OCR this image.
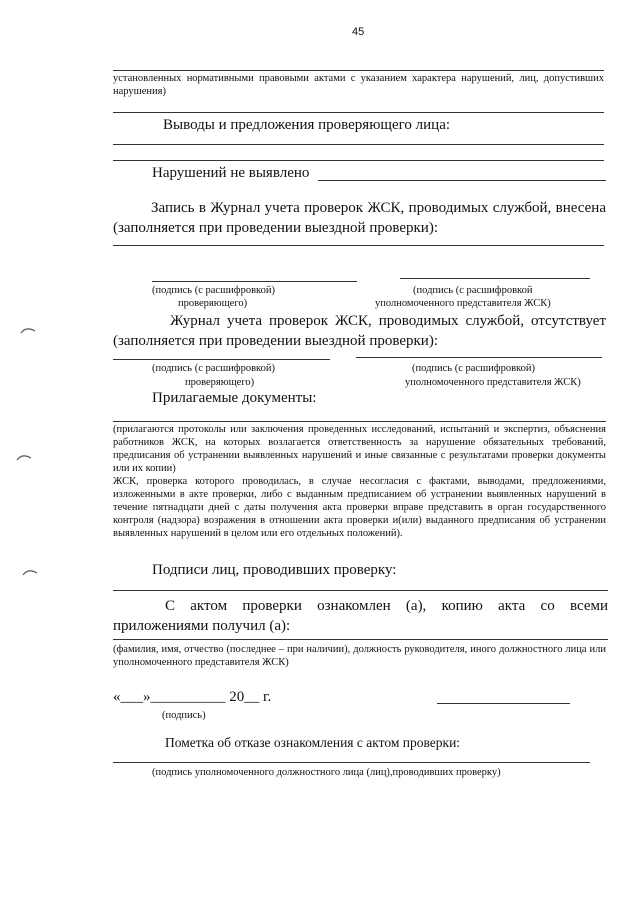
45
установленных нормативными правовыми актами с указанием характера нарушений, лиц, допустивших нарушения)
Выводы и предложения проверяющего лица:
Нарушений не выявлено
Запись в Журнал учета проверок ЖСК, проводимых службой, внесена (заполняется при проведении выездной проверки):
(подпись (с расшифровкой)
проверяющего)
(подпись (с расшифровкой
уполномоченного представителя ЖСК)
Журнал учета проверок ЖСК, проводимых службой, отсутствует (заполняется при проведении выездной проверки):
(подпись (с расшифровкой)
проверяющего)
(подпись (с расшифровкой)
уполномоченного представителя ЖСК)
Прилагаемые документы:
(прилагаются протоколы или заключения проведенных исследований, испытаний и экспертиз, объяснения работников ЖСК, на которых возлагается ответственность за нарушение обязательных требований, предписания об устранении выявленных нарушений и иные связанные с результатами проверки документы или их копии)
ЖСК, проверка которого проводилась, в случае несогласия с фактами, выводами, предложениями, изложенными в акте проверки, либо с выданным предписанием об устранении выявленных нарушений в течение пятнадцати дней с даты получения акта проверки вправе представить в орган государственного контроля (надзора) возражения в отношении акта проверки и(или) выданного предписания об устранении выявленных нарушений в целом или его отдельных положений).
Подписи лиц, проводивших проверку:
С актом проверки ознакомлен (а), копию акта со всеми приложениями получил (а):
(фамилия, имя, отчество (последнее – при наличии), должность руководителя, иного должностного лица или уполномоченного представителя ЖСК)
«___»__________ 20__ г.
(подпись)
Пометка об отказе ознакомления с актом проверки:
(подпись уполномоченного должностного лица (лиц),проводивших проверку)
